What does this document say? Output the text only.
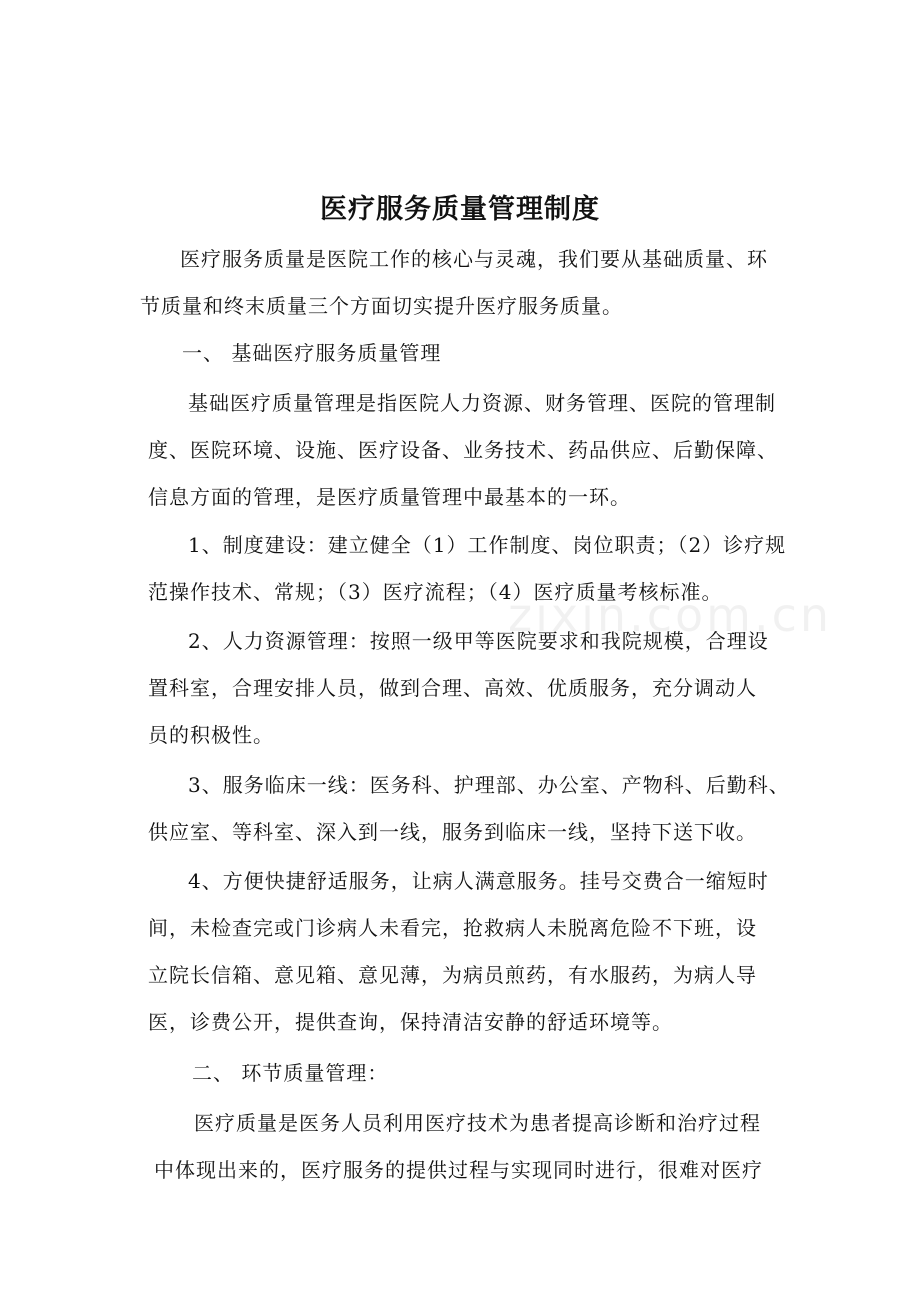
医疗服务质量管理制度
zixin.com.cn
医疗服务质量是医院工作的核心与灵魂，我们要从基础质量、环
节质量和终末质量三个方面切实提升医疗服务质量。
一、 基础医疗服务质量管理
基础医疗质量管理是指医院人力资源、财务管理、医院的管理制
度、医院环境、设施、医疗设备、业务技术、药品供应、后勤保障、
信息方面的管理，是医疗质量管理中最基本的一环。
1、制度建设：建立健全（1）工作制度、岗位职责；（2）诊疗规
范操作技术、常规；（3）医疗流程；（4）医疗质量考核标准。
2、人力资源管理：按照一级甲等医院要求和我院规模，合理设
置科室，合理安排人员，做到合理、高效、优质服务，充分调动人
员的积极性。
3、服务临床一线：医务科、护理部、办公室、产物科、后勤科、
供应室、等科室、深入到一线，服务到临床一线，坚持下送下收。
4、方便快捷舒适服务，让病人满意服务。挂号交费合一缩短时
间，未检查完或门诊病人未看完，抢救病人未脱离危险不下班，设
立院长信箱、意见箱、意见薄，为病员煎药，有水服药，为病人导
医，诊费公开，提供查询，保持清洁安静的舒适环境等。
二、 环节质量管理：
医疗质量是医务人员利用医疗技术为患者提高诊断和治疗过程
中体现出来的，医疗服务的提供过程与实现同时进行，很难对医疗
